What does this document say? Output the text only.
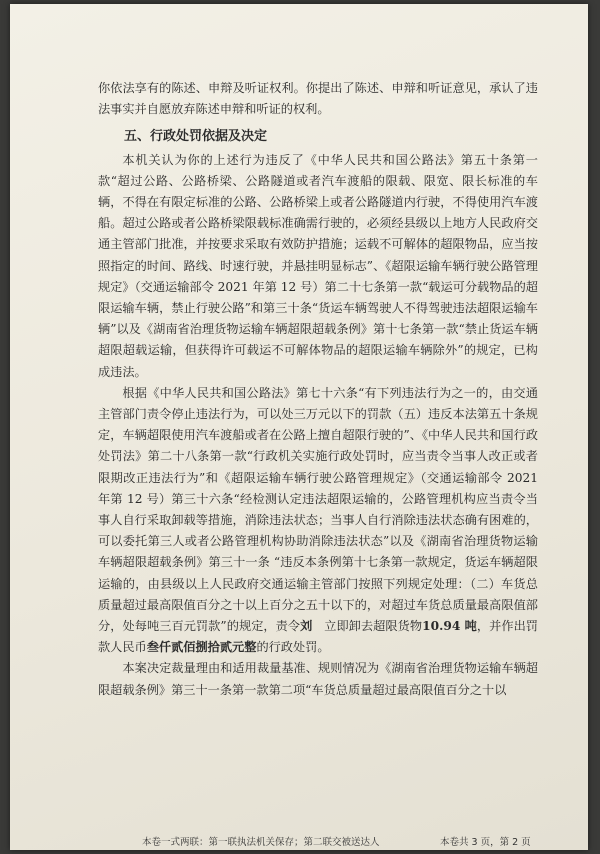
你依法享有的陈述、申辩及听证权利。你提出了陈述、申辩和听证意见，承认了违法事实并自愿放弃陈述申辩和听证的权利。

五、行政处罚依据及决定

本机关认为你的上述行为违反了《中华人民共和国公路法》第五十条第一款“超过公路、公路桥梁、公路隧道或者汽车渡船的限载、限宽、限长标准的车辆，不得在有限定标准的公路、公路桥梁上或者公路隧道内行驶，不得使用汽车渡船。超过公路或者公路桥梁限载标准确需行驶的，必须经县级以上地方人民政府交通主管部门批准，并按要求采取有效防护措施；运载不可解体的超限物品，应当按照指定的时间、路线、时速行驶，并悬挂明显标志”、《超限运输车辆行驶公路管理规定》（交通运输部令 2021 年第 12 号）第二十七条第一款“载运可分载物品的超限运输车辆，禁止行驶公路”和第三十条“货运车辆驾驶人不得驾驶违法超限运输车辆”以及《湖南省治理货物运输车辆超限超载条例》第十七条第一款“禁止货运车辆超限超载运输，但获得许可载运不可解体物品的超限运输车辆除外”的规定，已构成违法。

根据《中华人民共和国公路法》第七十六条“有下列违法行为之一的，由交通主管部门责令停止违法行为，可以处三万元以下的罚款（五）违反本法第五十条规定，车辆超限使用汽车渡船或者在公路上擅自超限行驶的”、《中华人民共和国行政处罚法》第二十八条第一款“行政机关实施行政处罚时，应当责令当事人改正或者限期改正违法行为”和《超限运输车辆行驶公路管理规定》（交通运输部令 2021 年第 12 号）第三十六条“经检测认定违法超限运输的，公路管理机构应当责令当事人自行采取卸载等措施，消除违法状态；当事人自行消除违法状态确有困难的，可以委托第三人或者公路管理机构协助消除违法状态”以及《湖南省治理货物运输车辆超限超载条例》第三十一条 “违反本条例第十七条第一款规定，货运车辆超限运输的，由县级以上人民政府交通运输主管部门按照下列规定处理：（二）车货总质量超过最高限值百分之十以上百分之五十以下的，对超过车货总质量最高限值部分，处每吨三百元罚款”的规定，责令刘 立即卸去超限货物10.94 吨，并作出罚款人民币叁仟贰佰捌拾贰元整的行政处罚。

本案决定裁量理由和适用裁量基准、规则情况为《湖南省治理货物运输车辆超限超载条例》第三十一条第一款第二项“车货总质量超过最高限值百分之十以

本卷一式两联：第一联执法机关保存；第二联交被送达人	本卷共 3 页，第 2 页
